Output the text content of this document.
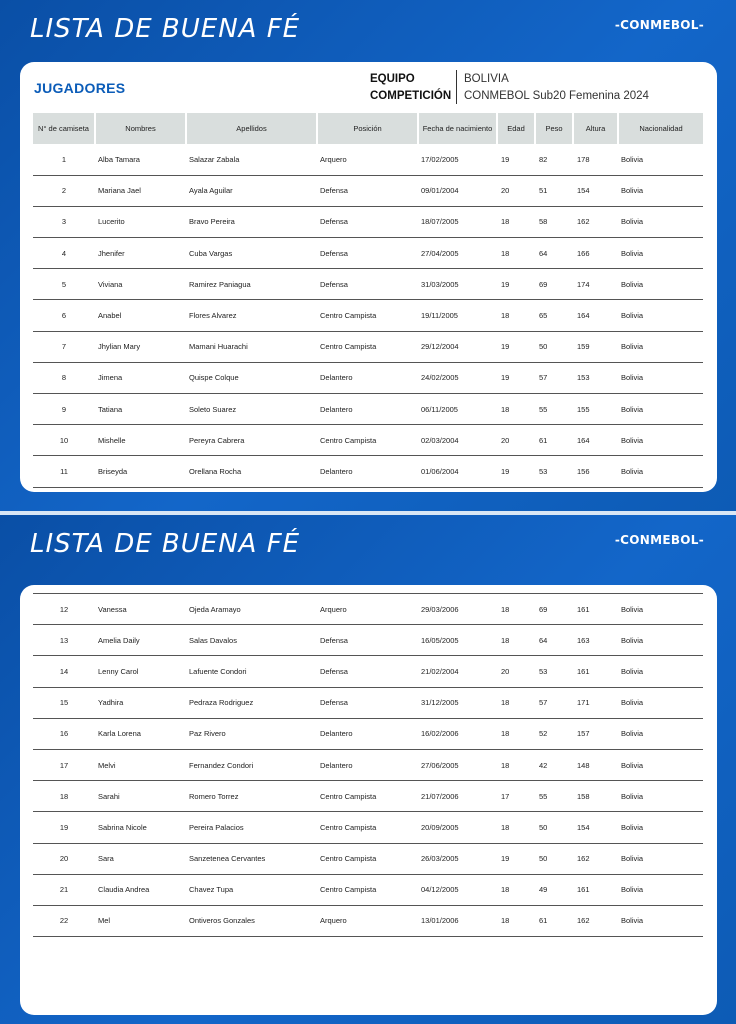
LISTA DE BUENA FÉ	-CONMEBOL-
JUGADORES
EQUIPO
COMPETICIÓN
BOLIVIA
CONMEBOL Sub20 Femenina 2024
N° de camiseta	Nombres	Apellidos	Posición	Fecha de nacimiento	Edad	Peso	Altura	Nacionalidad
1	Alba Tamara	Salazar Zabala	Arquero	17/02/2005	19	82	178	Bolivia
2	Mariana Jael	Ayala Aguilar	Defensa	09/01/2004	20	51	154	Bolivia
3	Lucerito	Bravo Pereira	Defensa	18/07/2005	18	58	162	Bolivia
4	Jhenifer	Cuba Vargas	Defensa	27/04/2005	18	64	166	Bolivia
5	Viviana	Ramirez Paniagua	Defensa	31/03/2005	19	69	174	Bolivia
6	Anabel	Flores Alvarez	Centro Campista	19/11/2005	18	65	164	Bolivia
7	Jhylian Mary	Mamani Huarachi	Centro Campista	29/12/2004	19	50	159	Bolivia
8	Jimena	Quispe Colque	Delantero	24/02/2005	19	57	153	Bolivia
9	Tatiana	Soleto Suarez	Delantero	06/11/2005	18	55	155	Bolivia
10	Mishelle	Pereyra Cabrera	Centro Campista	02/03/2004	20	61	164	Bolivia
11	Briseyda	Orellana Rocha	Delantero	01/06/2004	19	53	156	Bolivia
LISTA DE BUENA FÉ	-CONMEBOL-
12	Vanessa	Ojeda Aramayo	Arquero	29/03/2006	18	69	161	Bolivia
13	Amelia Daily	Salas Davalos	Defensa	16/05/2005	18	64	163	Bolivia
14	Lenny Carol	Lafuente Condori	Defensa	21/02/2004	20	53	161	Bolivia
15	Yadhira	Pedraza Rodriguez	Defensa	31/12/2005	18	57	171	Bolivia
16	Karla Lorena	Paz Rivero	Delantero	16/02/2006	18	52	157	Bolivia
17	Melvi	Fernandez Condori	Delantero	27/06/2005	18	42	148	Bolivia
18	Sarahi	Romero Torrez	Centro Campista	21/07/2006	17	55	158	Bolivia
19	Sabrina Nicole	Pereira Palacios	Centro Campista	20/09/2005	18	50	154	Bolivia
20	Sara	Sanzetenea Cervantes	Centro Campista	26/03/2005	19	50	162	Bolivia
21	Claudia Andrea	Chavez Tupa	Centro Campista	04/12/2005	18	49	161	Bolivia
22	Mel	Ontiveros Gonzales	Arquero	13/01/2006	18	61	162	Bolivia
